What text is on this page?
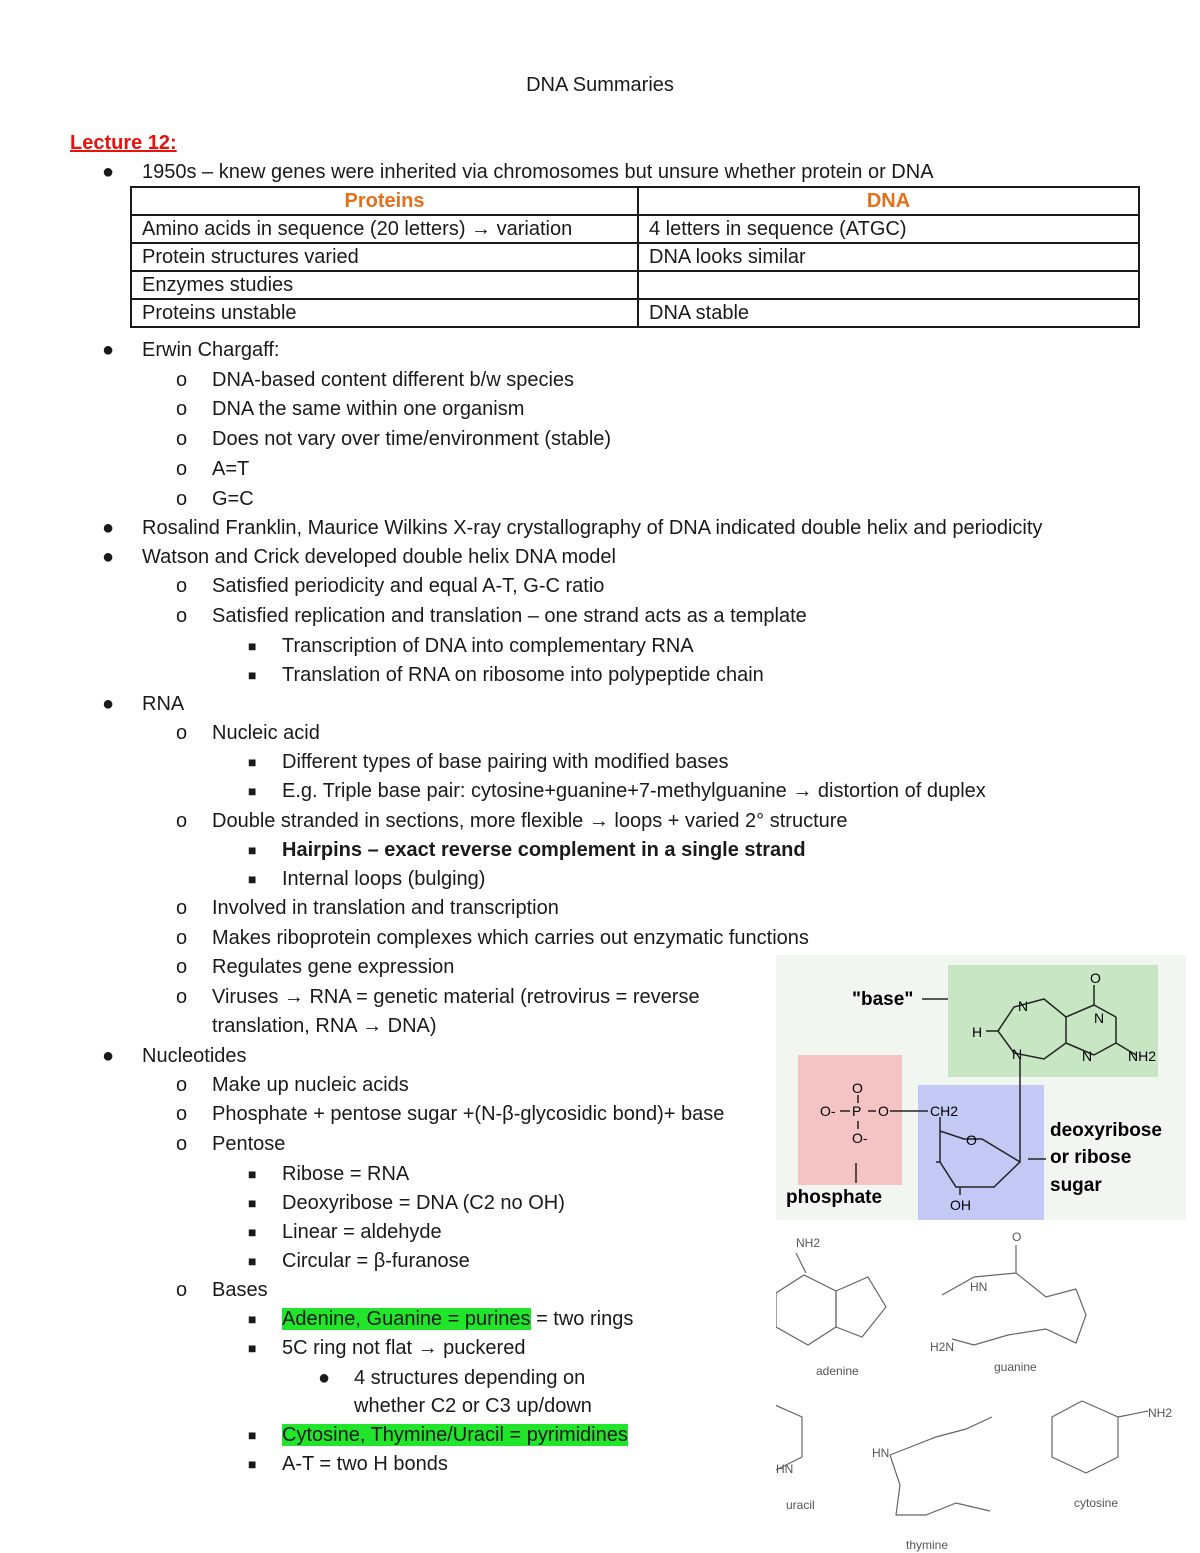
DNA Summaries
Lecture 12:
● 1950s – knew genes were inherited via chromosomes but unsure whether protein or DNA
Proteins	DNA
Amino acids in sequence (20 letters) → variation	4 letters in sequence (ATGC)
Protein structures varied	DNA looks similar
Enzymes studies	
Proteins unstable	DNA stable
● Erwin Chargaff:
o DNA-based content different b/w species
o DNA the same within one organism
o Does not vary over time/environment (stable)
o A=T
o G=C
● Rosalind Franklin, Maurice Wilkins X-ray crystallography of DNA indicated double helix and periodicity
● Watson and Crick developed double helix DNA model
o Satisfied periodicity and equal A-T, G-C ratio
o Satisfied replication and translation – one strand acts as a template
■ Transcription of DNA into complementary RNA
■ Translation of RNA on ribosome into polypeptide chain
● RNA
o Nucleic acid
■ Different types of base pairing with modified bases
■ E.g. Triple base pair: cytosine+guanine+7-methylguanine → distortion of duplex
o Double stranded in sections, more flexible → loops + varied 2° structure
■ Hairpins – exact reverse complement in a single strand
■ Internal loops (bulging)
o Involved in translation and transcription
o Makes riboprotein complexes which carries out enzymatic functions
o Regulates gene expression
o Viruses → RNA = genetic material (retrovirus = reverse
translation, RNA → DNA)
● Nucleotides
o Make up nucleic acids
o Phosphate + pentose sugar +(N-β-glycosidic bond)+ base
o Pentose
■ Ribose = RNA
■ Deoxyribose = DNA (C2 no OH)
■ Linear = aldehyde
■ Circular = β-furanose
o Bases
■ Adenine, Guanine = purines = two rings
■ 5C ring not flat → puckered
● 4 structures depending on
whether C2 or C3 up/down
■ Cytosine, Thymine/Uracil = pyrimidines
■ A-T = two H bonds
"base"
phosphate
deoxyribose
or ribose
sugar
O
N
N
H
N	N	NH2
O
O- P O
O-
CH2
O
OH
NH2	O
HN
H2N
HN
HN
NH2
adenine	guanine
uracil
thymine
cytosine
